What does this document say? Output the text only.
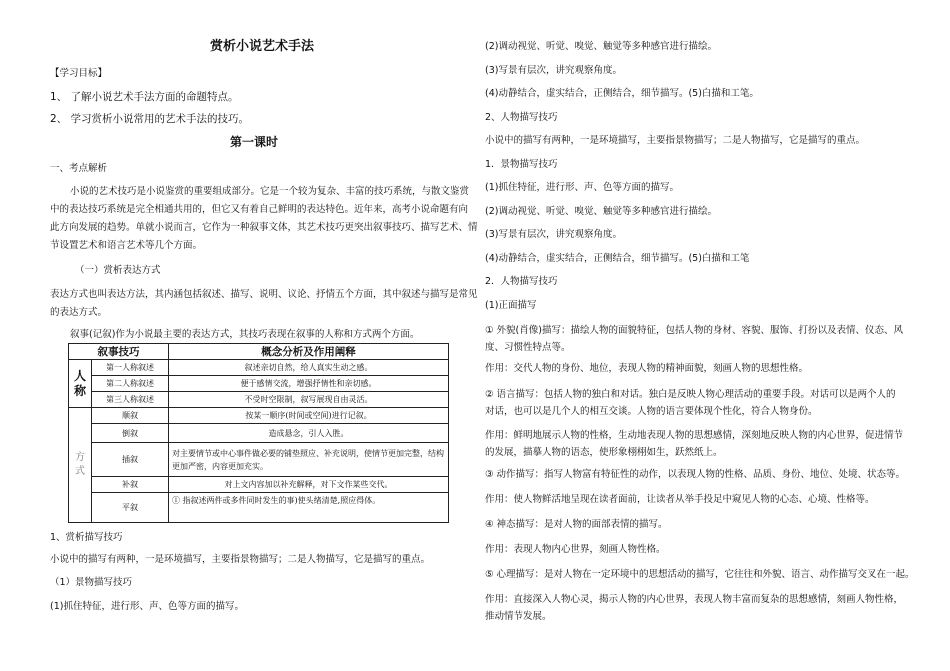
赏析小说艺术手法
【学习目标】
1、 了解小说艺术手法方面的命题特点。
2、 学习赏析小说常用的艺术手法的技巧。
第一课时
一、考点解析
小说的艺术技巧是小说鉴赏的重要组成部分。它是一个较为复杂、丰富的技巧系统，与散文鉴赏
中的表达技巧系统是完全相通共用的，但它又有着自己鲜明的表达特色。近年来，高考小说命题有向
此方向发展的趋势。单就小说而言，它作为一种叙事文体，其艺术技巧更突出叙事技巧、描写艺术、情
节设置艺术和语言艺术等几个方面。
（一）赏析表达方式
表达方式也叫表达方法，其内涵包括叙述、描写、说明、议论、抒情五个方面，其中叙述与描写是常见
的表达方式。
叙事(记叙)作为小说最主要的表达方式，其技巧表现在叙事的人称和方式两个方面。
叙事技巧		概念分析及作用阐释
人
称	第一人称叙述	叙述亲切自然，给人真实生动之感。
	第二人称叙述	便于感情交流，增强抒情性和亲切感。
	第三人称叙述	不受时空限制，叙写展现自由灵活。
方
式	顺叙	按某一顺序(时间或空间)进行记叙。
	倒叙	造成悬念，引人入胜。
	插叙	对主要情节或中心事件做必要的铺垫照应、补充说明，使情节更加完整，结构更加严密，内容更加充实。
	补叙	对上文内容加以补充解释，对下文作某些交代。
	平叙	① 指叙述两件或多件同时发生的事)使头绪清楚,照应得体。
1、赏析描写技巧
小说中的描写有两种，一是环境描写，主要指景物描写；二是人物描写，它是描写的重点。
（1）景物描写技巧
(1)抓住特征，进行形、声、色等方面的描写。
(2)调动视觉、听觉、嗅觉、触觉等多种感官进行描绘。
(3)写景有层次，讲究观察角度。
(4)动静结合，虚实结合，正侧结合，细节描写。(5)白描和工笔。
2、人物描写技巧
小说中的描写有两种，一是环境描写，主要指景物描写；二是人物描写，它是描写的重点。
1．景物描写技巧
(1)抓住特征，进行形、声、色等方面的描写。
(2)调动视觉、听觉、嗅觉、触觉等多种感官进行描绘。
(3)写景有层次，讲究观察角度。
(4)动静结合，虚实结合，正侧结合，细节描写。(5)白描和工笔
2．人物描写技巧
(1)正面描写
① 外貌(肖像)描写：描绘人物的面貌特征，包括人物的身材、容貌、服饰、打扮以及表情、仪态、风度、习惯性特点等。
作用：交代人物的身份、地位，表现人物的精神面貌，刻画人物的思想性格。
② 语言描写：包括人物的独白和对话。独白是反映人物心理活动的重要手段。对话可以是两个人的对话，也可以是几个人的相互交谈。人物的语言要体现个性化，符合人物身份。
作用：鲜明地展示人物的性格，生动地表现人物的思想感情，深刻地反映人物的内心世界，促进情节的发展，描摹人物的语态，使形象栩栩如生，跃然纸上。
③ 动作描写：指写人物富有特征性的动作，以表现人物的性格、品质、身份、地位、处境、状态等。
作用：使人物鲜活地呈现在读者面前，让读者从举手投足中窥见人物的心态、心境、性格等。
④ 神态描写：是对人物的面部表情的描写。
作用：表现人物内心世界，刻画人物性格。
⑤ 心理描写：是对人物在一定环境中的思想活动的描写，它往往和外貌、语言、动作描写交叉在一起。
作用：直接深入人物心灵，揭示人物的内心世界，表现人物丰富而复杂的思想感情，刻画人物性格，推动情节发展。
